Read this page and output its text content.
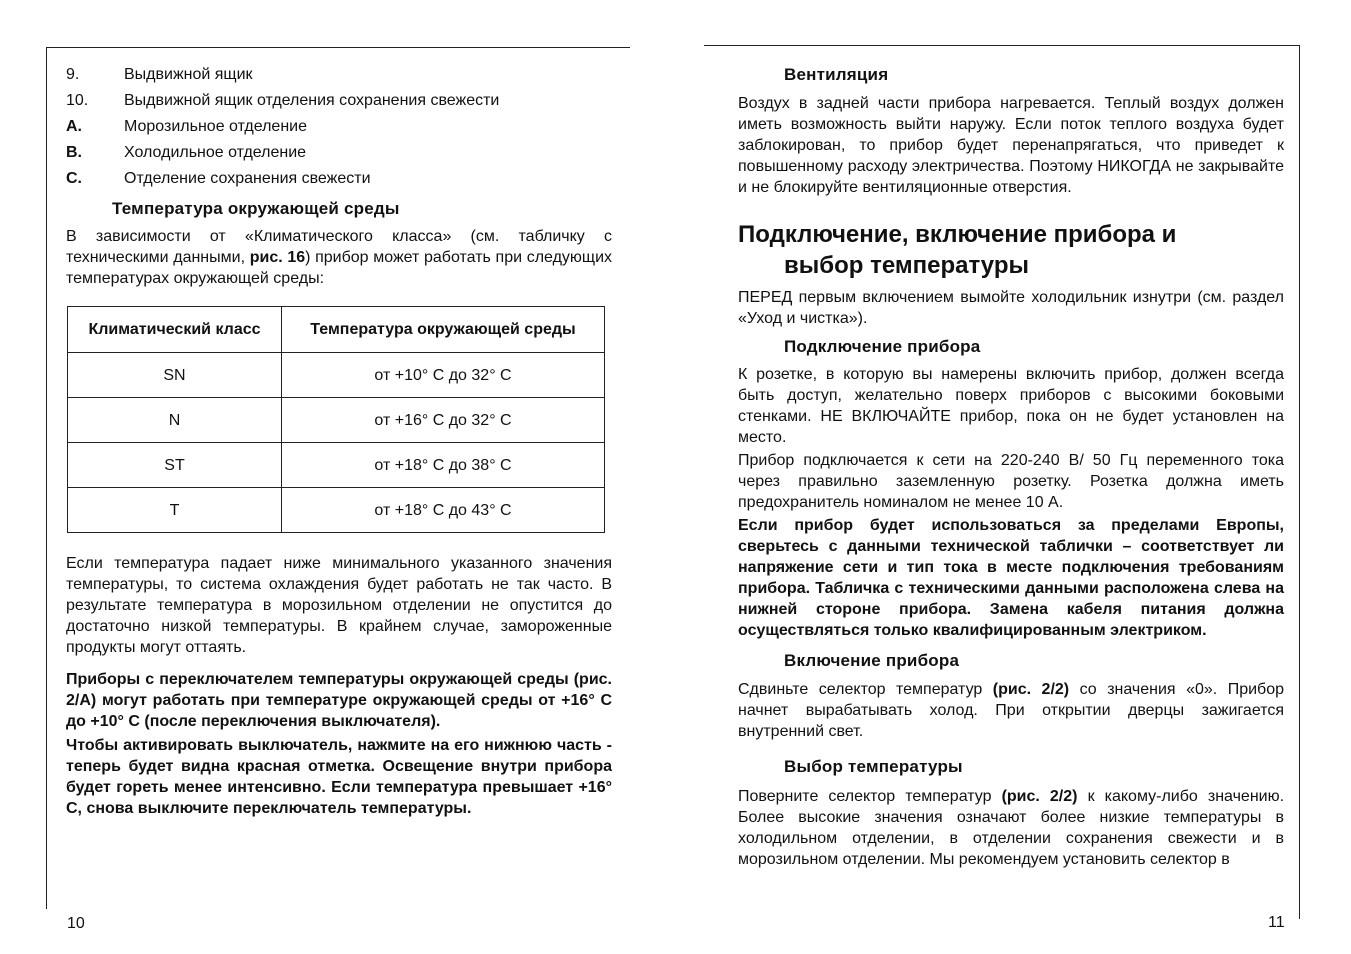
9.	Выдвижной ящик
10.	Выдвижной ящик отделения сохранения свежести
A.	Морозильное отделение
B.	Холодильное отделение
C.	Отделение сохранения свежести
Температура окружающей среды

В зависимости от «Климатического класса» (см. табличку с техническими данными, рис. 16) прибор может работать при следующих температурах окружающей среды:

Климатический класс	Температура окружающей среды
SN	от +10° C до 32° C
N	от +16° C до 32° C
ST	от +18° C до 38° C
T	от +18° C до 43° C

Если температура падает ниже минимального указанного значения температуры, то система охлаждения будет работать не так часто. В результате температура в морозильном отделении не опустится до достаточно низкой температуры. В крайнем случае, замороженные продукты могут оттаять.

Приборы с переключателем температуры окружающей среды (рис. 2/A) могут работать при температуре окружающей среды от +16° C до +10° C (после переключения выключателя).

Чтобы активировать выключатель, нажмите на его нижнюю часть - теперь будет видна красная отметка. Освещение внутри прибора будет гореть менее интенсивно. Если температура превышает +16° C, снова выключите переключатель температуры.

10
Вентиляция

Воздух в задней части прибора нагревается. Теплый воздух должен иметь возможность выйти наружу. Если поток теплого воздуха будет заблокирован, то прибор будет перенапрягаться, что приведет к повышенному расходу электричества. Поэтому НИКОГДА не закрывайте и не блокируйте вентиляционные отверстия.

Подключение, включение прибора и
выбор температуры

ПЕРЕД первым включением вымойте холодильник изнутри (см. раздел «Уход и чистка»).

Подключение прибора

К розетке, в которую вы намерены включить прибор, должен всегда быть доступ, желательно поверх приборов с высокими боковыми стенками. НЕ ВКЛЮЧАЙТЕ прибор, пока он не будет установлен на место.

Прибор подключается к сети на 220-240 В/ 50 Гц переменного тока через правильно заземленную розетку. Розетка должна иметь предохранитель номиналом не менее 10 А.

Если прибор будет использоваться за пределами Европы, сверьтесь с данными технической таблички – соответствует ли напряжение сети и тип тока в месте подключения требованиям прибора. Табличка с техническими данными расположена слева на нижней стороне прибора. Замена кабеля питания должна осуществляться только квалифицированным электриком.

Включение прибора

Сдвиньте селектор температур (рис. 2/2) со значения «0». Прибор начнет вырабатывать холод. При открытии дверцы зажигается внутренний свет.

Выбор температуры

Поверните селектор температур (рис. 2/2) к какому-либо значению. Более высокие значения означают более низкие температуры в холодильном отделении, в отделении сохранения свежести и в морозильном отделении. Мы рекомендуем установить селектор в

11
